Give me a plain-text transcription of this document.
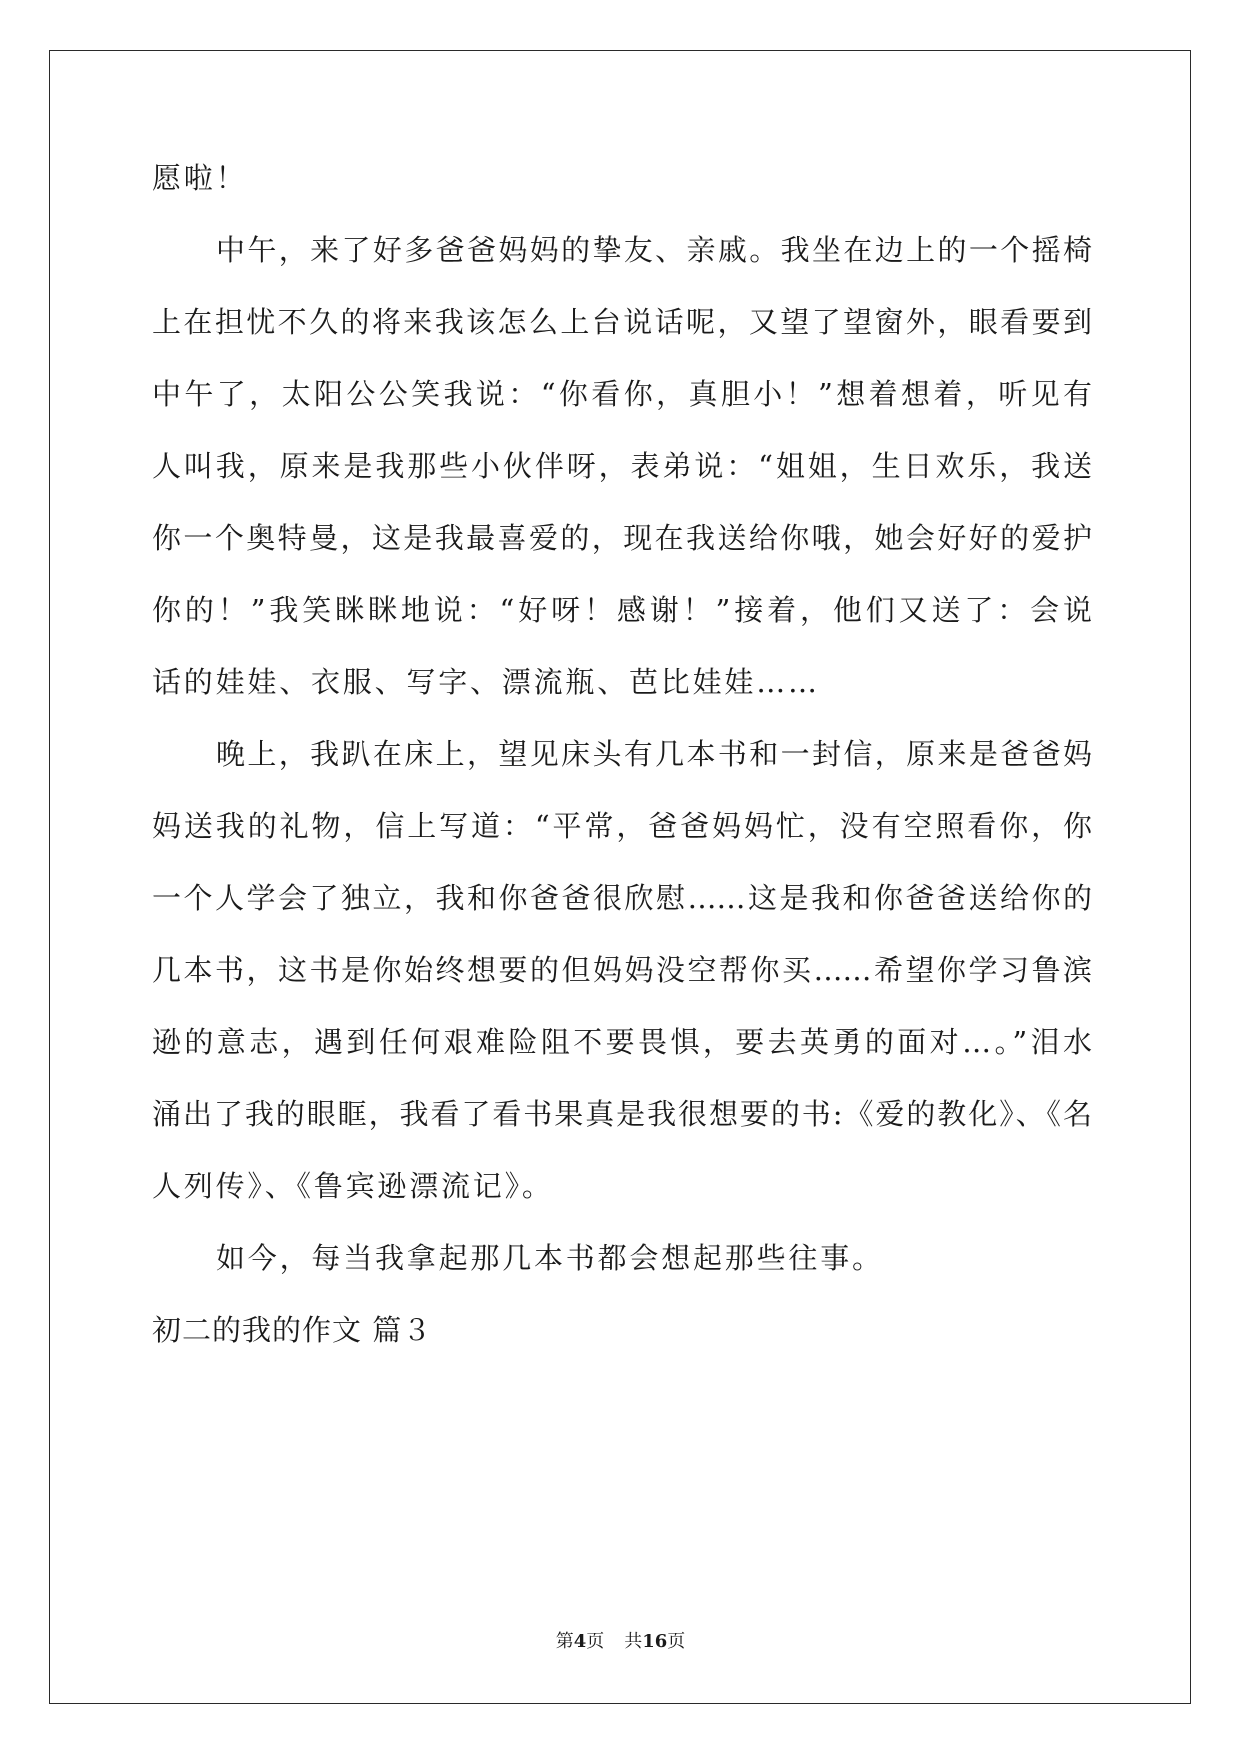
愿啦！
中午，来了好多爸爸妈妈的挚友、亲戚。我坐在边上的一个摇椅
上在担忧不久的将来我该怎么上台说话呢，又望了望窗外，眼看要到
中午了，太阳公公笑我说：“你看你，真胆小！”想着想着，听见有
人叫我，原来是我那些小伙伴呀，表弟说：“姐姐，生日欢乐，我送
你一个奥特曼，这是我最喜爱的，现在我送给你哦，她会好好的爱护
你的！”我笑眯眯地说：“好呀！感谢！”接着，他们又送了：会说
话的娃娃、衣服、写字、漂流瓶、芭比娃娃……
晚上，我趴在床上，望见床头有几本书和一封信，原来是爸爸妈
妈送我的礼物，信上写道：“平常，爸爸妈妈忙，没有空照看你，你
一个人学会了独立，我和你爸爸很欣慰……这是我和你爸爸送给你的
几本书，这书是你始终想要的但妈妈没空帮你买……希望你学习鲁滨
逊的意志，遇到任何艰难险阻不要畏惧，要去英勇的面对…。”泪水
涌出了我的眼眶，我看了看书果真是我很想要的书:《爱的教化》、《名
人列传》、《鲁宾逊漂流记》。
如今，每当我拿起那几本书都会想起那些往事。
初二的我的作文 篇３
第4页 共16页
